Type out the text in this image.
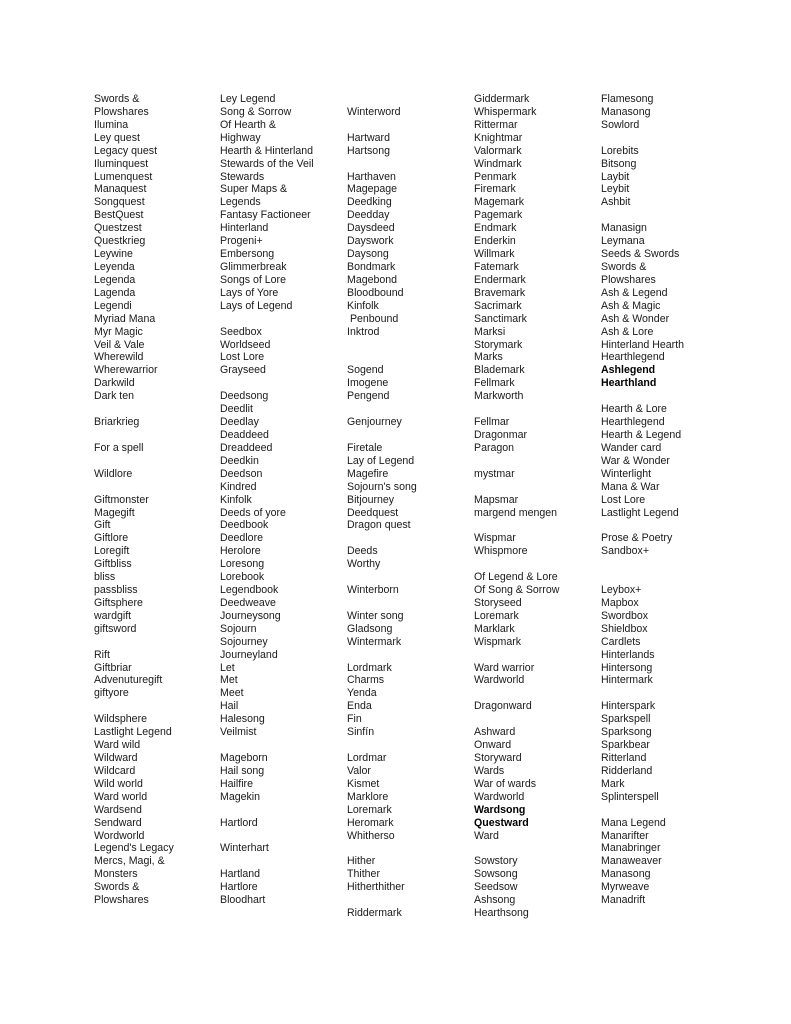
Swords &
Plowshares
Ilumina
Ley quest
Legacy quest
Iluminquest
Lumenquest
Manaquest
Songquest
BestQuest
Questzest
Questkrieg
Leywine
Leyenda
Legenda
Lagenda
Legendi
Myriad Mana
Myr Magic
Veil & Vale
Wherewild
Wherewarrior
Darkwild
Dark ten
Briarkrieg
For a spell
Wildlore
Giftmonster
Magegift
Gift
Giftlore
Loregift
Giftbliss
bliss
passbliss
Giftsphere
wardgift
giftsword
Rift
Giftbriar
Advenuturegift
giftyore
Wildsphere
Lastlight Legend
Ward wild
Wildward
Wildcard
Wild world
Ward world
Wardsend
Sendward
Wordworld
Legend's Legacy
Mercs, Magi, &
Monsters
Swords &
Plowshares
Ley Legend
Song & Sorrow
Of Hearth &
Highway
Hearth & Hinterland
Stewards of the Veil
Stewards
Super Maps &
Legends
Fantasy Factioneer
Hinterland
Progeni+
Embersong
Glimmerbreak
Songs of Lore
Lays of Yore
Lays of Legend
Seedbox
Worldseed
Lost Lore
Grayseed
Deedsong
Deedlit
Deedlay
Deaddeed
Dreaddeed
Deedkin
Deedson
Kindred
Kinfolk
Deeds of yore
Deedbook
Deedlore
Herolore
Loresong
Lorebook
Legendbook
Deedweave
Journeysong
Sojourn
Sojourney
Journeyland
Let
Met
Meet
Hail
Halesong
Veilmist
Mageborn
Hail song
Hailfire
Magekin
Hartlord
Winterhart
Hartland
Hartlore
Bloodhart
Winterword
Hartward
Hartsong
Harthaven
Magepage
Deedking
Deedday
Daysdeed
Dayswork
Daysong
Bondmark
Magebond
Bloodbound
Kinfolk
Penbound
Inktrod
Sogend
Imogene
Pengend
Genjourney
Firetale
Lay of Legend
Magefire
Sojourn's song
Bitjourney
Deedquest
Dragon quest
Deeds
Worthy
Winterborn
Winter song
Gladsong
Wintermark
Lordmark
Charms
Yenda
Enda
Fin
Sinfín
Lordmar
Valor
Kismet
Marklore
Loremark
Heromark
Whitherso
Hither
Thither
Hitherthither
Riddermark
Giddermark
Whispermark
Rittermar
Knightmar
Valormark
Windmark
Penmark
Firemark
Magemark
Pagemark
Endmark
Enderkin
Willmark
Fatemark
Endermark
Bravemark
Sacrimark
Sanctimark
Marksi
Storymark
Marks
Blademark
Fellmark
Markworth
Fellmar
Dragonmar
Paragon
mystmar
Mapsmar
margend mengen
Wispmar
Whispmore
Of Legend & Lore
Of Song & Sorrow
Storyseed
Loremark
Marklark
Wispmark
Ward warrior
Wardworld
Dragonward
Ashward
Onward
Storyward
Wards
War of wards
Wardworld
Wardsong
Questward
Ward
Sowstory
Sowsong
Seedsow
Ashsong
Hearthsong
Flamesong
Manasong
Sowlord
Lorebits
Bitsong
Laybit
Leybit
Ashbit
Manasign
Leymana
Seeds & Swords
Swords &
Plowshares
Ash & Legend
Ash & Magic
Ash & Wonder
Ash & Lore
Hinterland Hearth
Hearthlegend
Ashlegend
Hearthland
Hearth & Lore
Hearthlegend
Hearth & Legend
Wander card
War & Wonder
Winterlight
Mana & War
Lost Lore
Lastlight Legend
Prose & Poetry
Sandbox+
Leybox+
Mapbox
Swordbox
Shieldbox
Cardlets
Hinterlands
Hintersong
Hintermark
Hinterspark
Sparkspell
Sparksong
Sparkbear
Ritterland
Ridderland
Mark
Splinterspell
Mana Legend
Manarifter
Manabringer
Manaweaver
Manasong
Myrweave
Manadrift
